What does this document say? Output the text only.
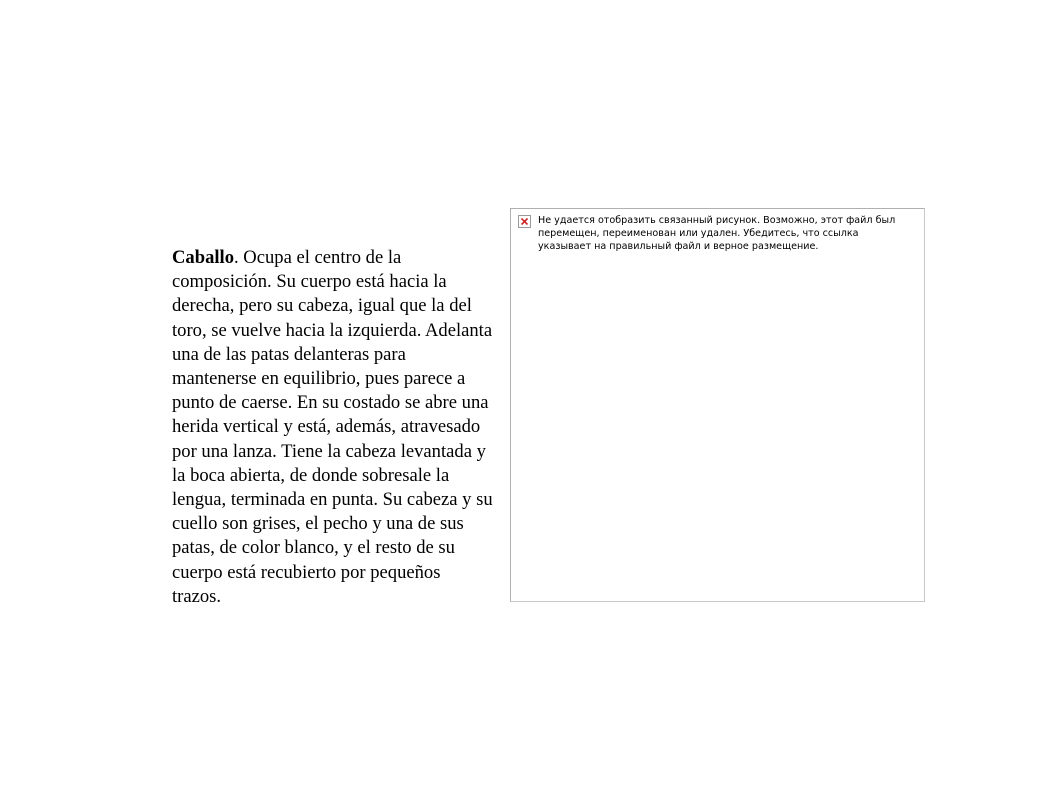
Caballo. Ocupa el centro de la composición. Su cuerpo está hacia la derecha, pero su cabeza, igual que la del toro, se vuelve hacia la izquierda. Adelanta una de las patas delanteras para mantenerse en equilibrio, pues parece a punto de caerse. En su costado se abre una herida vertical y está, además, atravesado por una lanza. Tiene la cabeza levantada y la boca abierta, de donde sobresale la lengua, terminada en punta. Su cabeza y su cuello son grises, el pecho y una de sus patas, de color blanco, y el resto de su cuerpo está recubierto por pequeños trazos.

Не удается отобразить связанный рисунок. Возможно, этот файл был перемещен, переименован или удален. Убедитесь, что ссылка указывает на правильный файл и верное размещение.
